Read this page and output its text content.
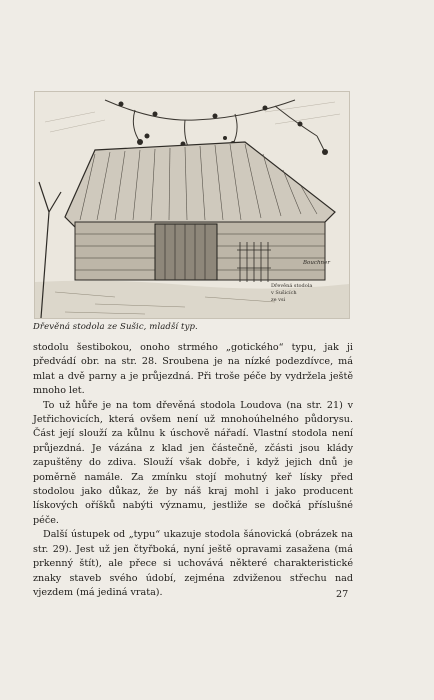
Dřevěná stodola
v Sušicích
ze vsi
Bouchner

Dřevěná stodola ze Sušic, mladší typ.

stodolu šestibokou, onoho strmého „gotického“ typu, jak ji předvádí obr. na str. 28. Sroubena je na nízké podezdívce, má mlat a dvě parny a je průjezdná. Při troše péče by vydržela ještě mnoho let.

To už hůře je na tom dřevěná stodola Loudova (na str. 21) v Jetřichovicích, která ovšem není už mnohoúhelného půdorysu. Část její slouží za kůlnu k úschově nářadí. Vlastní stodola není průjezdná. Je vázána z klad jen částečně, zčásti jsou klády zapuštěny do zdiva. Slouží však dobře, i když jejich dnů je poměrně namále. Za zmínku stojí mohutný keř lísky před stodolou jako důkaz, že by náš kraj mohl i jako producent lískových oříšků nabýti významu, jestliže se dočká příslušné péče.

Další ústupek od „typu“ ukazuje stodola šánovická (obrázek na str. 29). Jest už jen čtyřboká, nyní ještě opravami zasažena (má prkenný štít), ale přece si uchovává některé charakteristické znaky staveb svého údobí, zejména zdviženou střechu nad vjezdem (má jediná vrata).	27
